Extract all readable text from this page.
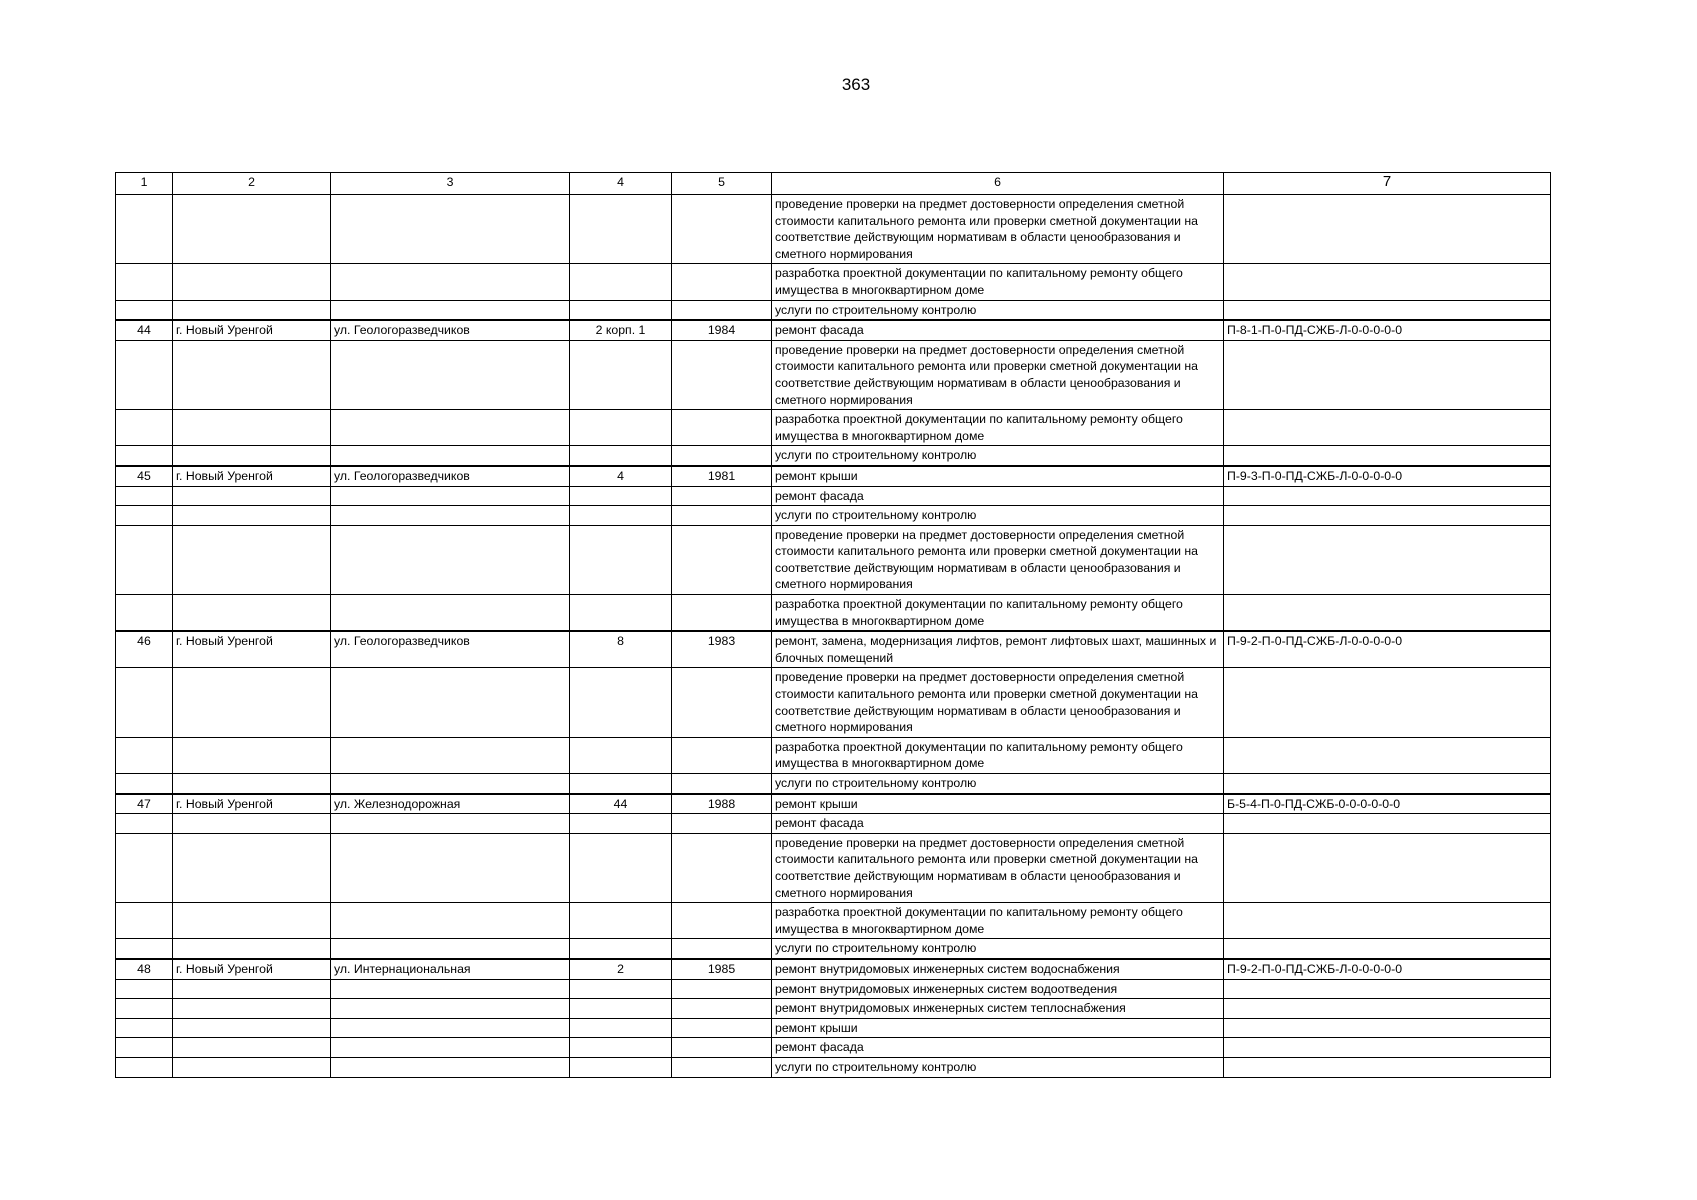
363
1	2	3	4	5	6	7
					проведение проверки на предмет достоверности определения сметной стоимости капитального ремонта или проверки сметной документации на соответствие действующим нормативам в области ценообразования и сметного нормирования	
					разработка проектной документации по капитальному ремонту общего имущества в многоквартирном доме	
					услуги по строительному контролю	
44	г. Новый Уренгой	ул. Геологоразведчиков	2 корп. 1	1984	ремонт фасада	П-8-1-П-0-ПД-СЖБ-Л-0-0-0-0-0
					проведение проверки на предмет достоверности определения сметной стоимости капитального ремонта или проверки сметной документации на соответствие действующим нормативам в области ценообразования и сметного нормирования	
					разработка проектной документации по капитальному ремонту общего имущества в многоквартирном доме	
					услуги по строительному контролю	
45	г. Новый Уренгой	ул. Геологоразведчиков	4	1981	ремонт крыши	П-9-3-П-0-ПД-СЖБ-Л-0-0-0-0-0
					ремонт фасада	
					услуги по строительному контролю	
					проведение проверки на предмет достоверности определения сметной стоимости капитального ремонта или проверки сметной документации на соответствие действующим нормативам в области ценообразования и сметного нормирования	
					разработка проектной документации по капитальному ремонту общего имущества в многоквартирном доме	
46	г. Новый Уренгой	ул. Геологоразведчиков	8	1983	ремонт, замена, модернизация лифтов, ремонт лифтовых шахт, машинных и блочных помещений	П-9-2-П-0-ПД-СЖБ-Л-0-0-0-0-0
					проведение проверки на предмет достоверности определения сметной стоимости капитального ремонта или проверки сметной документации на соответствие действующим нормативам в области ценообразования и сметного нормирования	
					разработка проектной документации по капитальному ремонту общего имущества в многоквартирном доме	
					услуги по строительному контролю	
47	г. Новый Уренгой	ул. Железнодорожная	44	1988	ремонт крыши	Б-5-4-П-0-ПД-СЖБ-0-0-0-0-0-0
					ремонт фасада	
					проведение проверки на предмет достоверности определения сметной стоимости капитального ремонта или проверки сметной документации на соответствие действующим нормативам в области ценообразования и сметного нормирования	
					разработка проектной документации по капитальному ремонту общего имущества в многоквартирном доме	
					услуги по строительному контролю	
48	г. Новый Уренгой	ул. Интернациональная	2	1985	ремонт внутридомовых инженерных систем водоснабжения	П-9-2-П-0-ПД-СЖБ-Л-0-0-0-0-0
					ремонт внутридомовых инженерных систем водоотведения	
					ремонт внутридомовых инженерных систем теплоснабжения	
					ремонт крыши	
					ремонт фасада	
					услуги по строительному контролю	
